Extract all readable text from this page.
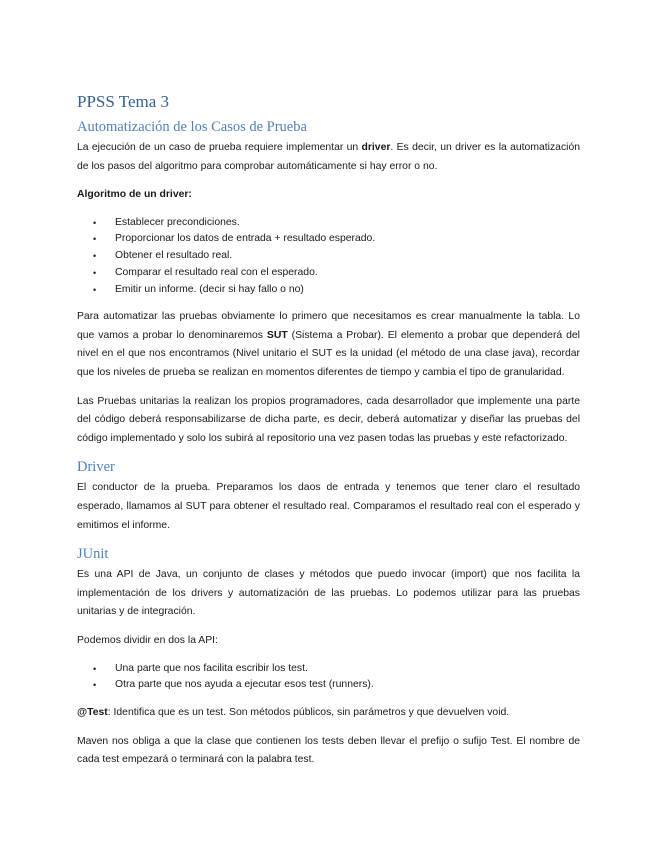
PPSS Tema 3
Automatización de los Casos de Prueba

La ejecución de un caso de prueba requiere implementar un driver. Es decir, un driver es la automatización de los pasos del algoritmo para comprobar automáticamente si hay error o no.

Algoritmo de un driver:

• Establecer precondiciones.
• Proporcionar los datos de entrada + resultado esperado.
• Obtener el resultado real.
• Comparar el resultado real con el esperado.
• Emitir un informe. (decir si hay fallo o no)

Para automatizar las pruebas obviamente lo primero que necesitamos es crear manualmente la tabla. Lo que vamos a probar lo denominaremos SUT (Sistema a Probar). El elemento a probar que dependerá del nivel en el que nos encontramos (Nivel unitario el SUT es la unidad (el método de una clase java), recordar que los niveles de prueba se realizan en momentos diferentes de tiempo y cambia el tipo de granularidad.

Las Pruebas unitarias la realizan los propios programadores, cada desarrollador que implemente una parte del código deberá responsabilizarse de dicha parte, es decir, deberá automatizar y diseñar las pruebas del código implementado y solo los subirá al repositorio una vez pasen todas las pruebas y este refactorizado.

Driver

El conductor de la prueba. Preparamos los daos de entrada y tenemos que tener claro el resultado esperado, llamamos al SUT para obtener el resultado real. Comparamos el resultado real con el esperado y emitimos el informe.

JUnit

Es una API de Java, un conjunto de clases y métodos que puedo invocar (import) que nos facilita la implementación de los drivers y automatización de las pruebas. Lo podemos utilizar para las pruebas unitarias y de integración.

Podemos dividir en dos la API:

• Una parte que nos facilita escribir los test.
• Otra parte que nos ayuda a ejecutar esos test (runners).

@Test: Identifica que es un test. Son métodos públicos, sin parámetros y que devuelven void.

Maven nos obliga a que la clase que contienen los tests deben llevar el prefijo o sufijo Test. El nombre de cada test empezará o terminará con la palabra test.
